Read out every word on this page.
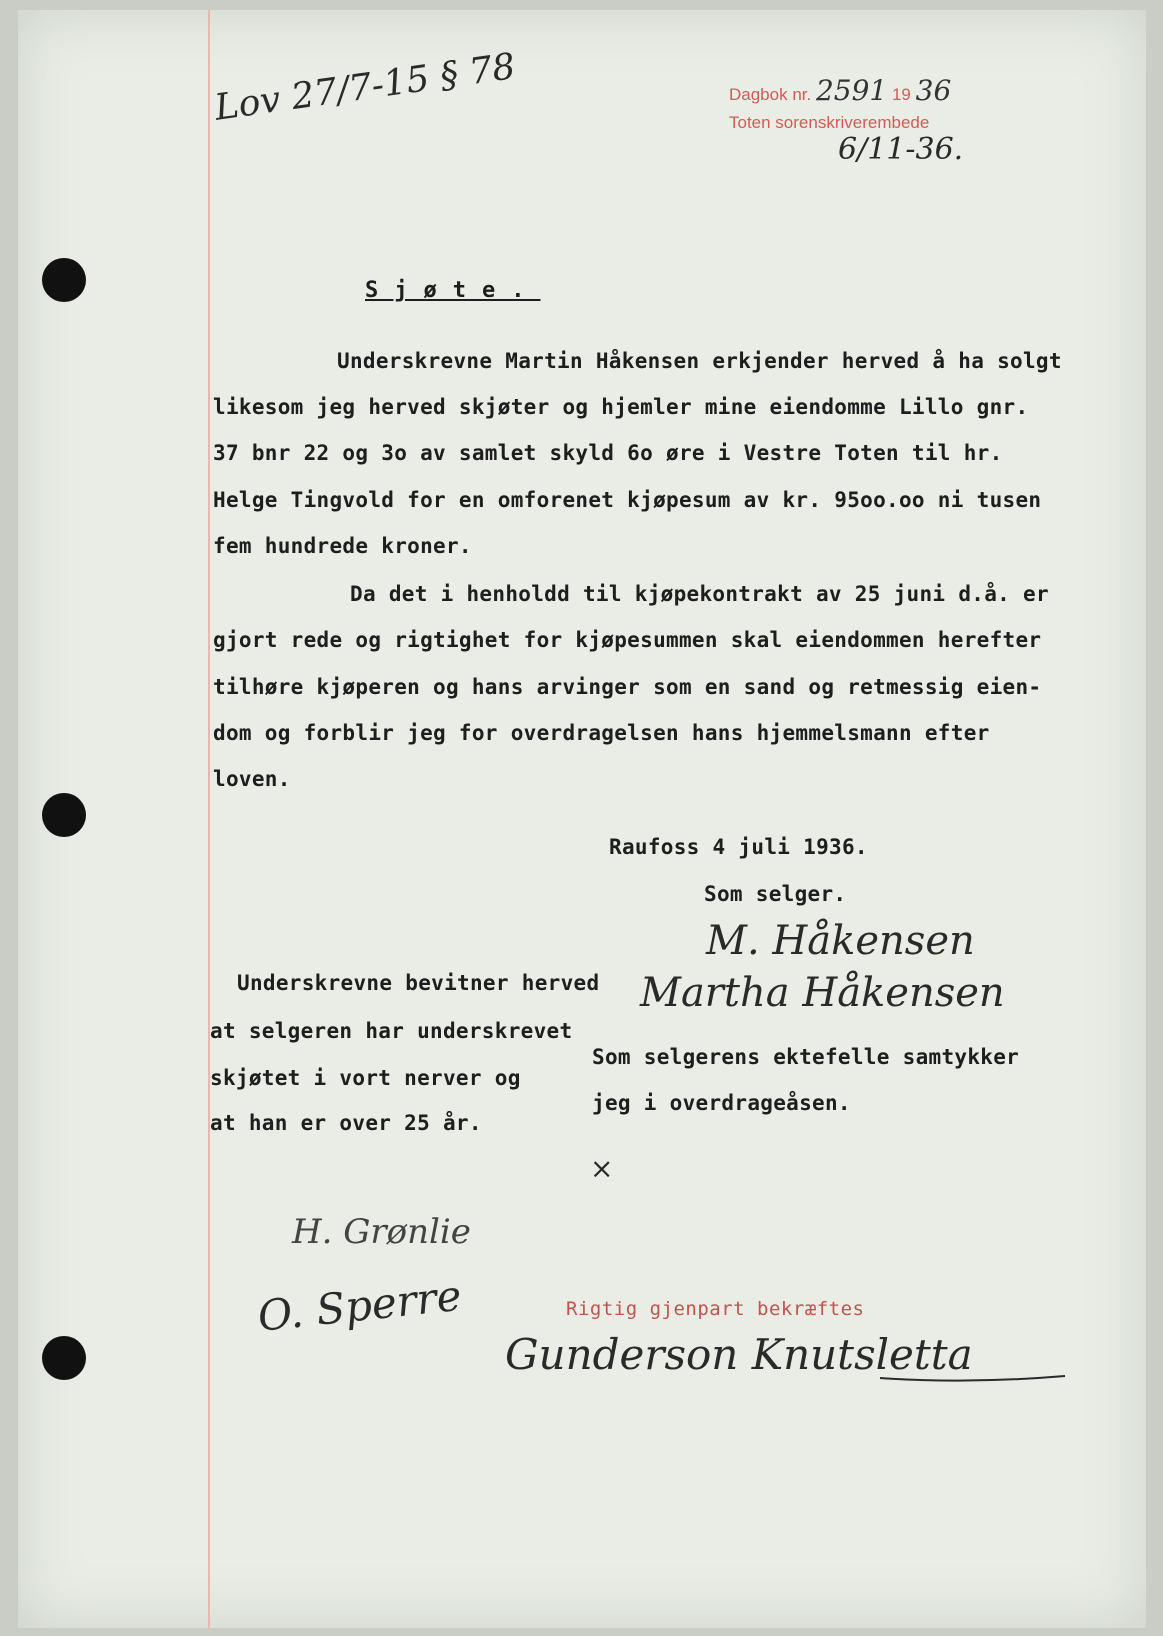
Dagbok nr. 2591 19 36
Toten sorenskriverembede
6/11-36.
Lov 27/7-15 § 78
Sjøte.
Underskrevne Martin Håkensen erkjender herved å ha solgt
likesom jeg herved skjøter og hjemler mine eiendomme Lillo gnr.
37 bnr 22 og 3o av samlet skyld 6o øre i Vestre Toten til hr.
Helge Tingvold for en omforenet kjøpesum av kr. 95oo.oo ni tusen
fem hundrede kroner.
Da det i henholdd til kjøpekontrakt av 25 juni d.å. er
gjort rede og rigtighet for kjøpesummen skal eiendommen herefter
tilhøre kjøperen og hans arvinger som en sand og retmessig eien-
dom og forblir jeg for overdragelsen hans hjemmelsmann efter
loven.
Raufoss 4 juli 1936.
Som selger.
M. Håkensen
Underskrevne bevitner herved
at selgeren har underskrevet
skjøtet i vort nerver og
at han er over 25 år.
Martha Håkensen
Som selgerens ektefelle samtykker
jeg i overdrageåsen.
×
H. Grønlie
O. Sperre	Rigtig gjenpart bekræftes
Gunderson Knutsletta
